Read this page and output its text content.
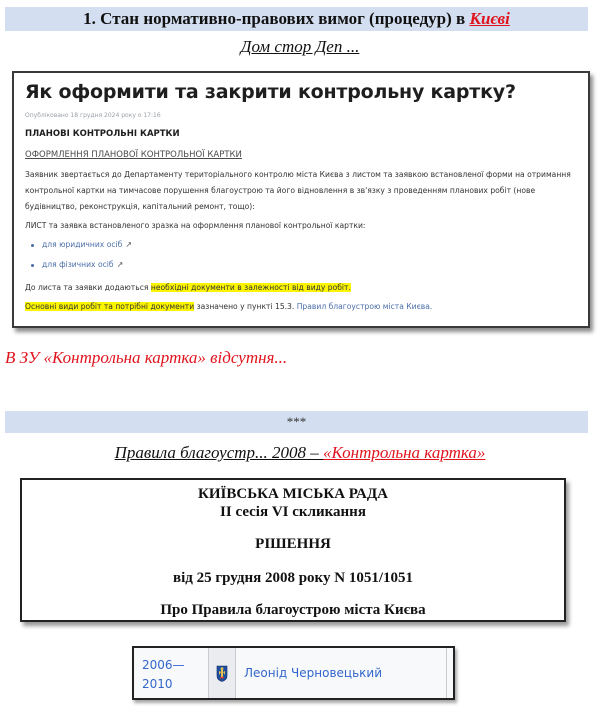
1. Стан нормативно-правових вимог (процедур) в Києві
Дом стор Деп ...
Як оформити та закрити контрольну картку?
Опубліковано 18 грудня 2024 року о 17:16
ПЛАНОВІ КОНТРОЛЬНІ КАРТКИ
ОФОРМЛЕННЯ ПЛАНОВОЇ КОНТРОЛЬНОЇ КАРТКИ
Заявник звертається до Департаменту територіального контролю міста Києва з листом та заявкою встановленої форми на отримання контрольної картки на тимчасове порушення благоустрою та його відновлення в зв'язку з проведенням планових робіт (нове будівництво, реконструкція, капітальний ремонт, тощо):
ЛИСТ та заявка встановленого зразка на оформлення планової контрольної картки:
для юридичних осіб ↗
для фізичних осіб ↗
До листа та заявки додаються необхідні документи в залежності від виду робіт.
Основні види робіт та потрібні документи зазначено у пункті 15.3. Правил благоустрою міста Києва.
В ЗУ «Контрольна картка» відсутня...
***
Правила благоустр... 2008 – «Контрольна картка»
КИЇВСЬКА МІСЬКА РАДА
II сесія VI скликання
РІШЕННЯ
від 25 грудня 2008 року N 1051/1051
Про Правила благоустрою міста Києва
2006—
2010
Леонід Черновецький
